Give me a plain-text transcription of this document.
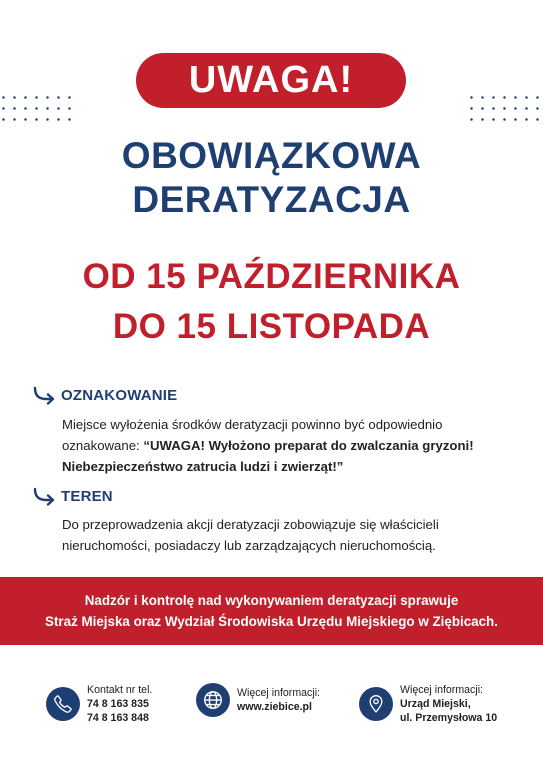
UWAGA!
OBOWIĄZKOWA
DERATYZACJA
OD 15 PAŹDZIERNIKA
DO 15 LISTOPADA
OZNAKOWANIE
Miejsce wyłożenia środków deratyzacji powinno być odpowiednio oznakowane: “UWAGA! Wyłożono preparat do zwalczania gryzoni! Niebezpieczeństwo zatrucia ludzi i zwierząt!”
TEREN
Do przeprowadzenia akcji deratyzacji zobowiązuje się właścicieli nieruchomości, posiadaczy lub zarządzających nieruchomością.
Nadzór i kontrolę nad wykonywaniem deratyzacji sprawuje
Straż Miejska oraz Wydział Środowiska Urzędu Miejskiego w Ziębicach.
Kontakt nr tel.
74 8 163 835
74 8 163 848
Więcej informacji:
www.ziebice.pl
Więcej informacji:
Urząd Miejski,
ul. Przemysłowa 10
